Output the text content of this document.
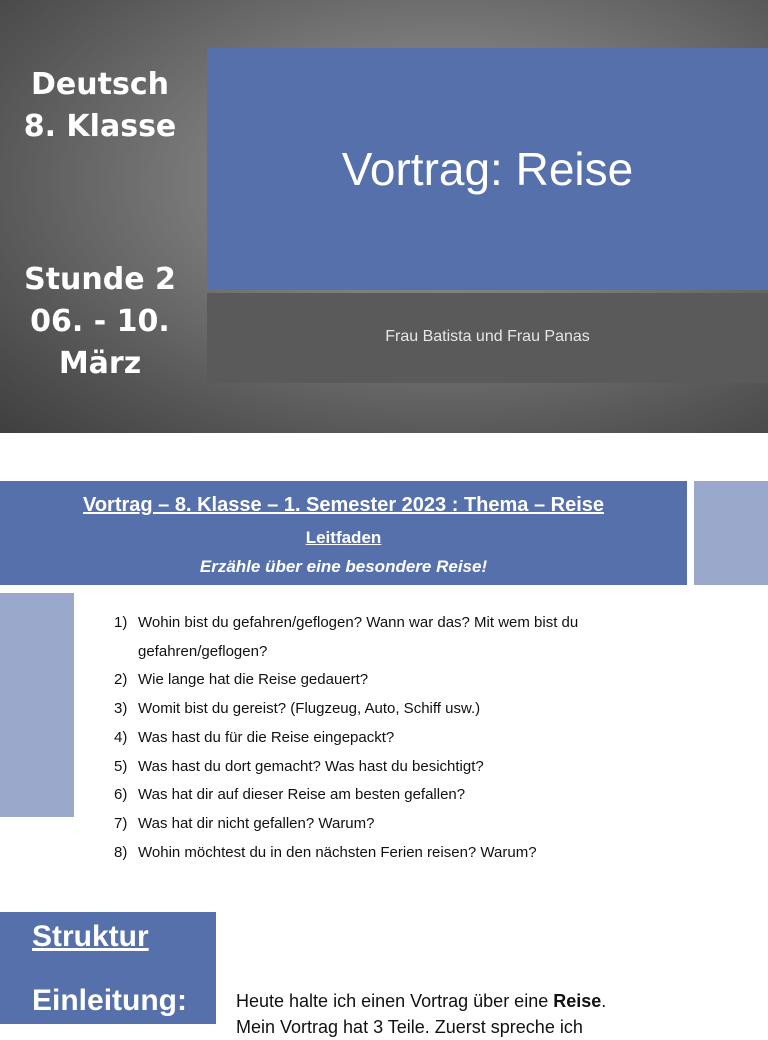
Deutsch
8. Klasse
Stunde 2
06. - 10.
März
Vortrag: Reise
Frau Batista und Frau Panas
Vortrag – 8. Klasse – 1. Semester 2023 : Thema – Reise
Leitfaden
Erzähle über eine besondere Reise!
1) Wohin bist du gefahren/geflogen? Wann war das? Mit wem bist du gefahren/geflogen?
2) Wie lange hat die Reise gedauert?
3) Womit bist du gereist? (Flugzeug, Auto, Schiff usw.)
4) Was hast du für die Reise eingepackt?
5) Was hast du dort gemacht? Was hast du besichtigt?
6) Was hat dir auf dieser Reise am besten gefallen?
7) Was hat dir nicht gefallen? Warum?
8) Wohin möchtest du in den nächsten Ferien reisen? Warum?
Struktur
Einleitung:	Heute halte ich einen Vortrag über eine Reise.
Mein Vortrag hat 3 Teile. Zuerst spreche ich
